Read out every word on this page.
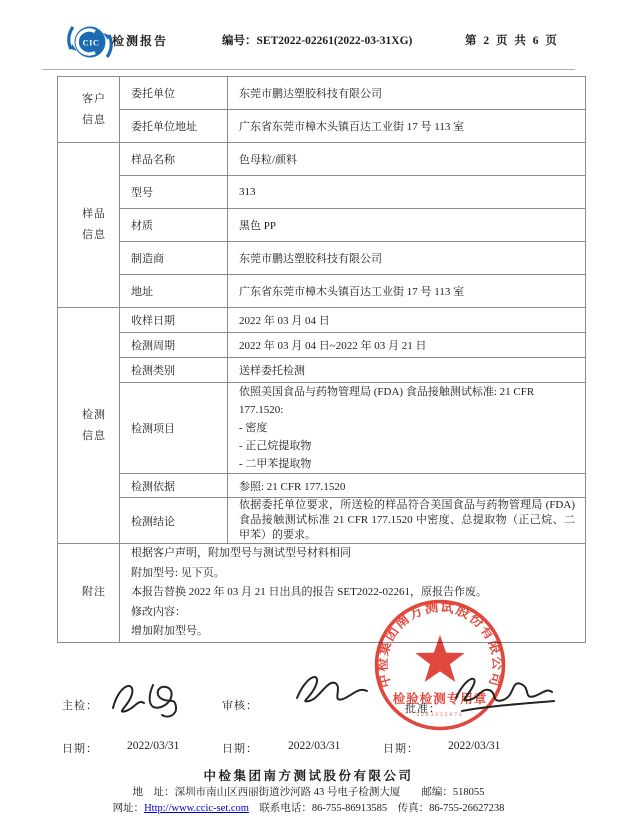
CIC 检测报告	编号：SET2022-02261(2022-03-31XG)	第 2 页 共 6 页
客户
信息	委托单位	东莞市鹏达塑胶科技有限公司
	委托单位地址	广东省东莞市樟木头镇百达工业街 17 号 113 室

样品
信息	样品名称	色母粒/颜料
	型号	313
	材质	黑色 PP
	制造商	东莞市鹏达塑胶科技有限公司
	地址	广东省东莞市樟木头镇百达工业街 17 号 113 室

检测
信息	收样日期	2022 年 03 月 04 日
	检测周期	2022 年 03 月 04 日~2022 年 03 月 21 日
	检测类别	送样委托检测
	检测项目	依照美国食品与药物管理局 (FDA) 食品接触测试标准: 21 CFR
177.1520:
- 密度
- 正己烷提取物
- 二甲苯提取物

	检测依据	参照: 21 CFR 177.1520
	检测结论	依据委托单位要求，所送检的样品符合美国食品与药物管理局 (FDA) 食品接触测试标准 21 CFR 177.1520 中密度、总提取物（正己烷、二甲苯）的要求。

附注	根据客户声明，附加型号与测试型号材料相同
附加型号: 见下页。
本报告替换 2022 年 03 月 21 日出具的报告 SET2022-02261，原报告作废。
修改内容：
增加附加型号。	
中检集团南方测试股份有限公司
检验检测专用章
5203252072
主检：	审核：	批准：
日期：	2022/03/31	日期：	2022/03/31	日期：	2022/03/31
中检集团南方测试股份有限公司
地　址：深圳市南山区西丽街道沙河路 43 号电子检测大厦　　邮编：518055
网址：Http://www.ccic-set.com　联系电话：86-755-86913585　传真：86-755-26627238
